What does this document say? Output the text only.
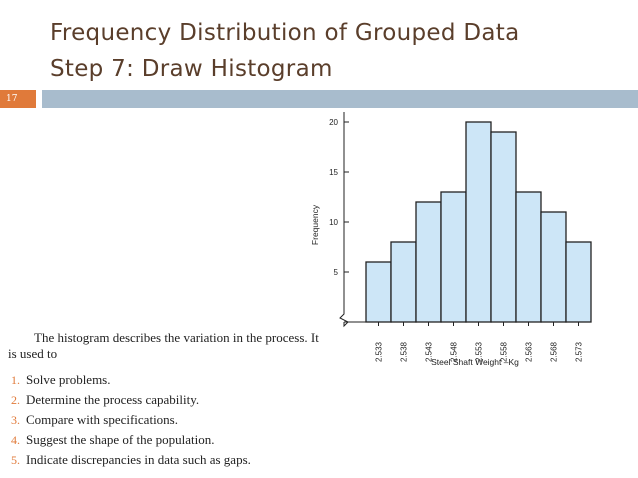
Frequency Distribution of Grouped Data
Step 7: Draw Histogram
17
5
10
15
20
2.533 2.538 2.543 2.548 2.553 2.558 2.563 2.568 2.573
Frequency
Steel Shaft Weight –Kg
The histogram describes the variation in the process. It
is used to
1. Solve problems.
2. Determine the process capability.
3. Compare with specifications.
4. Suggest the shape of the population.
5. Indicate discrepancies in data such as gaps.
